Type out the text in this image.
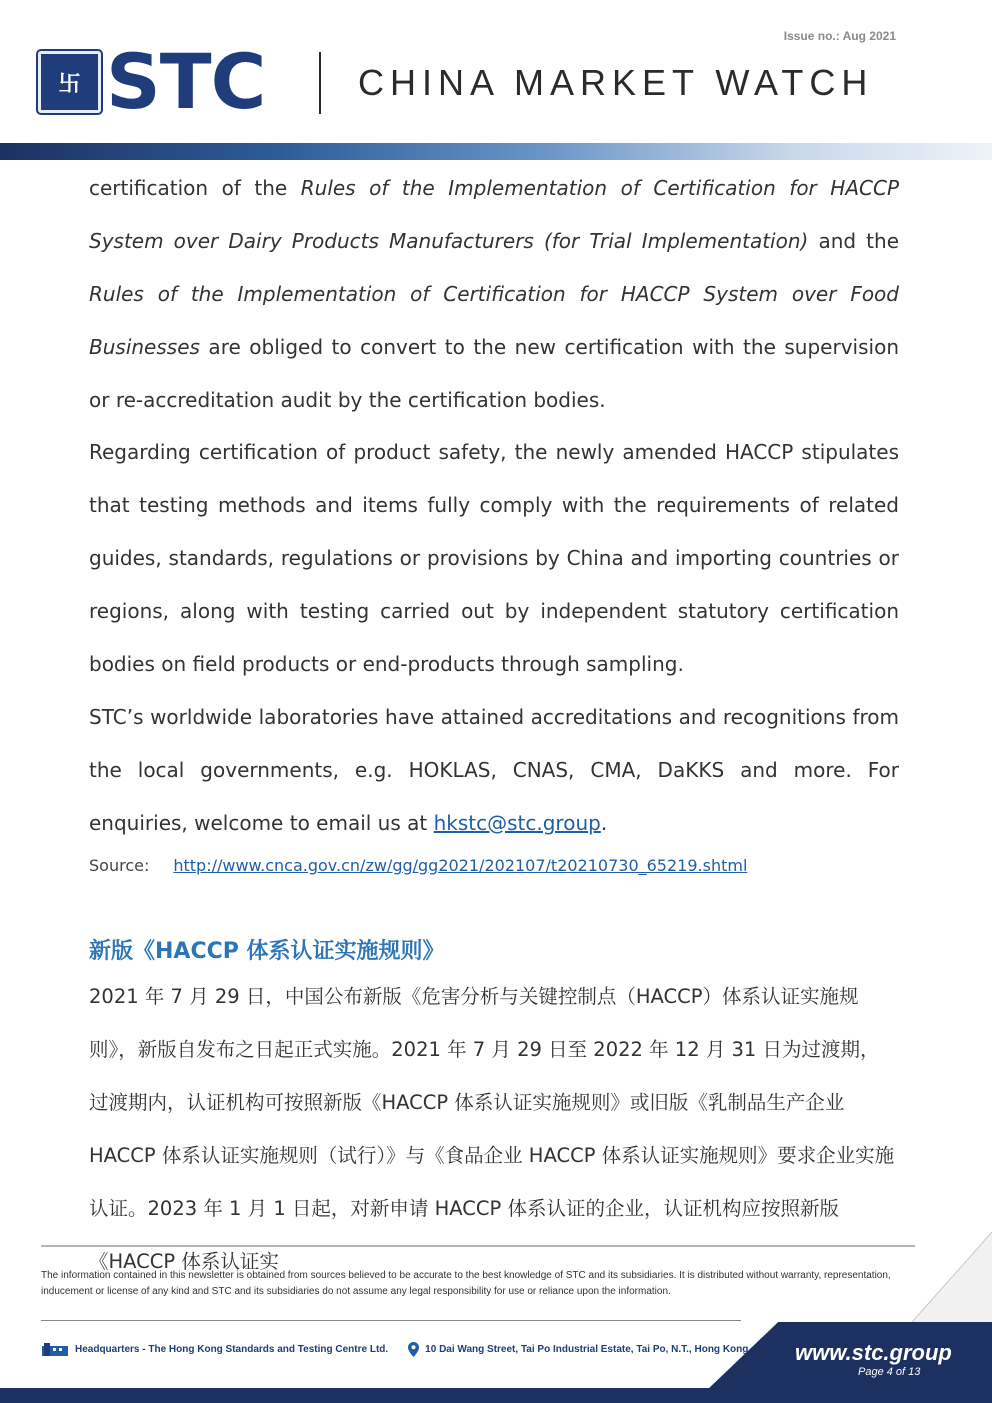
Issue no.: Aug 2021
卐 STC	CHINA MARKET WATCH
certification of the Rules of the Implementation of Certification for HACCP System over Dairy Products Manufacturers (for Trial Implementation) and the Rules of the Implementation of Certification for HACCP System over Food Businesses are obliged to convert to the new certification with the supervision or re-accreditation audit by the certification bodies.
Regarding certification of product safety, the newly amended HACCP stipulates that testing methods and items fully comply with the requirements of related guides, standards, regulations or provisions by China and importing countries or regions, along with testing carried out by independent statutory certification bodies on field products or end-products through sampling.
STC’s worldwide laboratories have attained accreditations and recognitions from the local governments, e.g. HOKLAS, CNAS, CMA, DaKKS and more. For enquiries, welcome to email us at hkstc@stc.group.
Source: http://www.cnca.gov.cn/zw/gg/gg2021/202107/t20210730_65219.shtml
新版《HACCP 体系认证实施规则》
2021 年 7 月 29 日，中国公布新版《危害分析与关键控制点（HACCP）体系认证实施规则》，新版自发布之日起正式实施。2021 年 7 月 29 日至 2022 年 12 月 31 日为过渡期，过渡期内，认证机构可按照新版《HACCP 体系认证实施规则》或旧版《乳制品生产企业 HACCP 体系认证实施规则（试行）》与《食品企业 HACCP 体系认证实施规则》要求企业实施认证。2023 年 1 月 1 日起，对新申请 HACCP 体系认证的企业，认证机构应按照新版《HACCP 体系认证实
The information contained in this newsletter is obtained from sources believed to be accurate to the best knowledge of STC and its subsidiaries. It is distributed without warranty, representation, inducement or license of any kind and STC and its subsidiaries do not assume any legal responsibility for use or reliance upon the information.
Headquarters - The Hong Kong Standards and Testing Centre Ltd.	10 Dai Wang Street, Tai Po Industrial Estate, Tai Po, N.T., Hong Kong www.stc.group
Page 4 of 13
